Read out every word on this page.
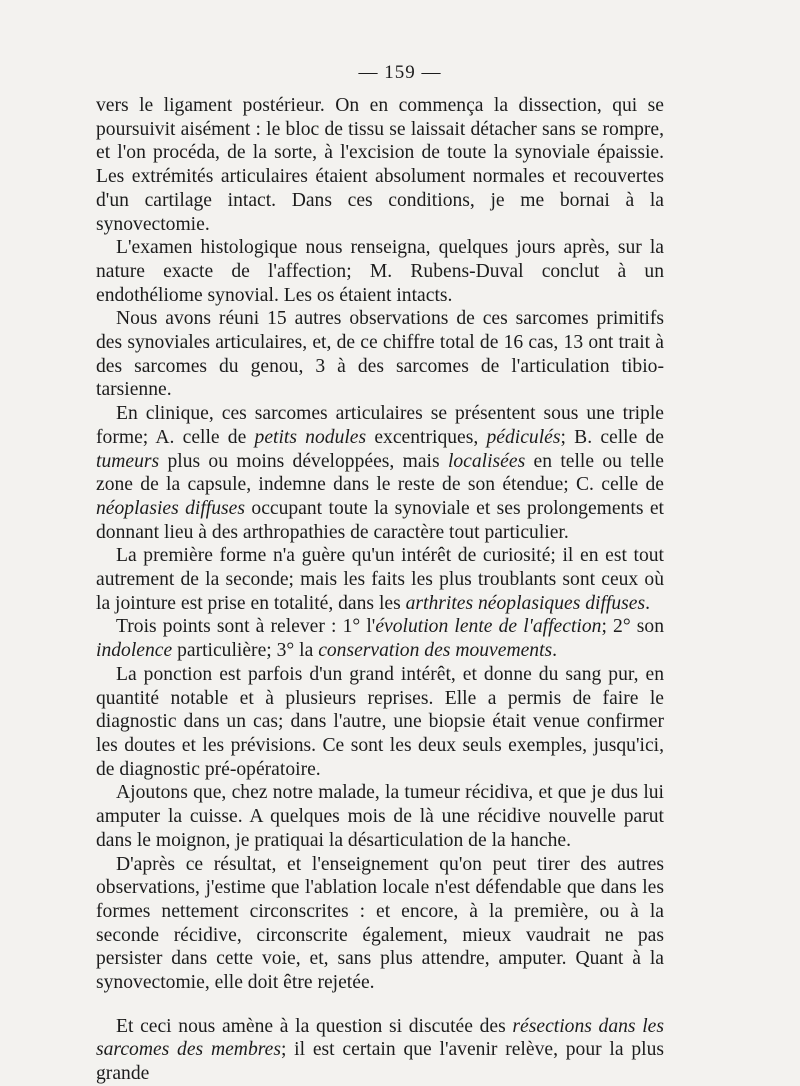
— 159 —

vers le ligament postérieur. On en commença la dissection, qui se poursuivit aisément : le bloc de tissu se laissait détacher sans se rompre, et l'on procéda, de la sorte, à l'excision de toute la synoviale épaissie. Les extrémités articulaires étaient absolument normales et recouvertes d'un cartilage intact. Dans ces conditions, je me bornai à la synovectomie.

L'examen histologique nous renseigna, quelques jours après, sur la nature exacte de l'affection; M. Rubens-Duval conclut à un endothéliome synovial. Les os étaient intacts.

Nous avons réuni 15 autres observations de ces sarcomes primitifs des synoviales articulaires, et, de ce chiffre total de 16 cas, 13 ont trait à des sarcomes du genou, 3 à des sarcomes de l'articulation tibio-tarsienne.

En clinique, ces sarcomes articulaires se présentent sous une triple forme; A. celle de petits nodules excentriques, pédiculés; B. celle de tumeurs plus ou moins développées, mais localisées en telle ou telle zone de la capsule, indemne dans le reste de son étendue; C. celle de néoplasies diffuses occupant toute la synoviale et ses prolongements et donnant lieu à des arthropathies de caractère tout particulier.

La première forme n'a guère qu'un intérêt de curiosité; il en est tout autrement de la seconde; mais les faits les plus troublants sont ceux où la jointure est prise en totalité, dans les arthrites néoplasiques diffuses.

Trois points sont à relever : 1° l'évolution lente de l'affection; 2° son indolence particulière; 3° la conservation des mouvements.

La ponction est parfois d'un grand intérêt, et donne du sang pur, en quantité notable et à plusieurs reprises. Elle a permis de faire le diagnostic dans un cas; dans l'autre, une biopsie était venue confirmer les doutes et les prévisions. Ce sont les deux seuls exemples, jusqu'ici, de diagnostic pré-opératoire.

Ajoutons que, chez notre malade, la tumeur récidiva, et que je dus lui amputer la cuisse. A quelques mois de là une récidive nouvelle parut dans le moignon, je pratiquai la désarticulation de la hanche.

D'après ce résultat, et l'enseignement qu'on peut tirer des autres observations, j'estime que l'ablation locale n'est défendable que dans les formes nettement circonscrites : et encore, à la première, ou à la seconde récidive, circonscrite également, mieux vaudrait ne pas persister dans cette voie, et, sans plus attendre, amputer. Quant à la synovectomie, elle doit être rejetée.

Et ceci nous amène à la question si discutée des résections dans les sarcomes des membres; il est certain que l'avenir relève, pour la plus grande
